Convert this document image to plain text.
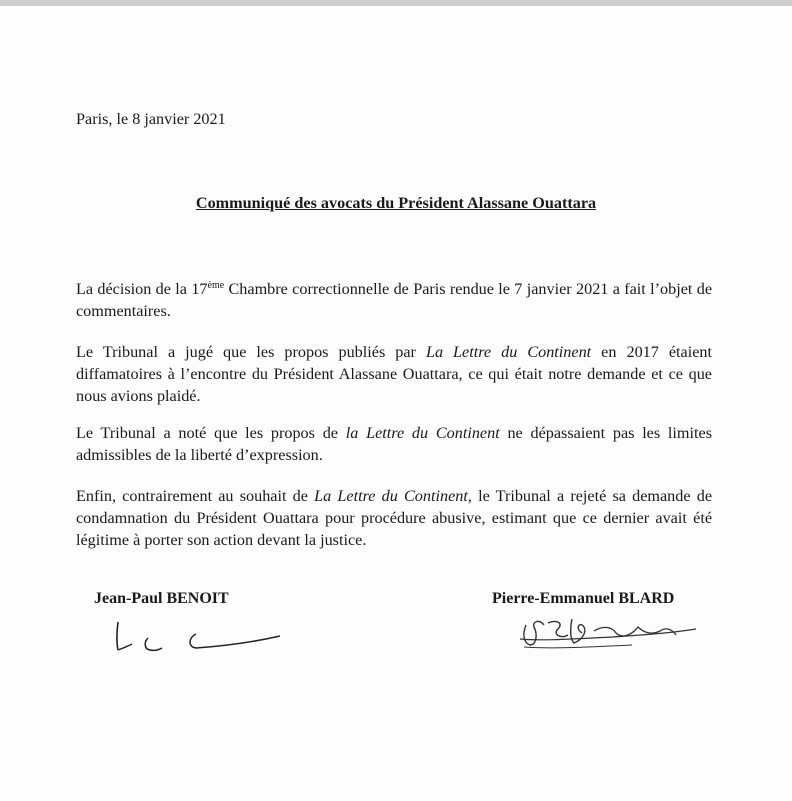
Paris, le 8 janvier 2021

Communiqué des avocats du Président Alassane Ouattara

La décision de la 17ème Chambre correctionnelle de Paris rendue le 7 janvier 2021 a fait l’objet de commentaires.

Le Tribunal a jugé que les propos publiés par La Lettre du Continent en 2017 étaient diffamatoires à l’encontre du Président Alassane Ouattara, ce qui était notre demande et ce que nous avions plaidé.

Le Tribunal a noté que les propos de la Lettre du Continent ne dépassaient pas les limites admissibles de la liberté d’expression.

Enfin, contrairement au souhait de La Lettre du Continent, le Tribunal a rejeté sa demande de condamnation du Président Ouattara pour procédure abusive, estimant que ce dernier avait été légitime à porter son action devant la justice.

Jean-Paul BENOIT	Pierre-Emmanuel BLARD
